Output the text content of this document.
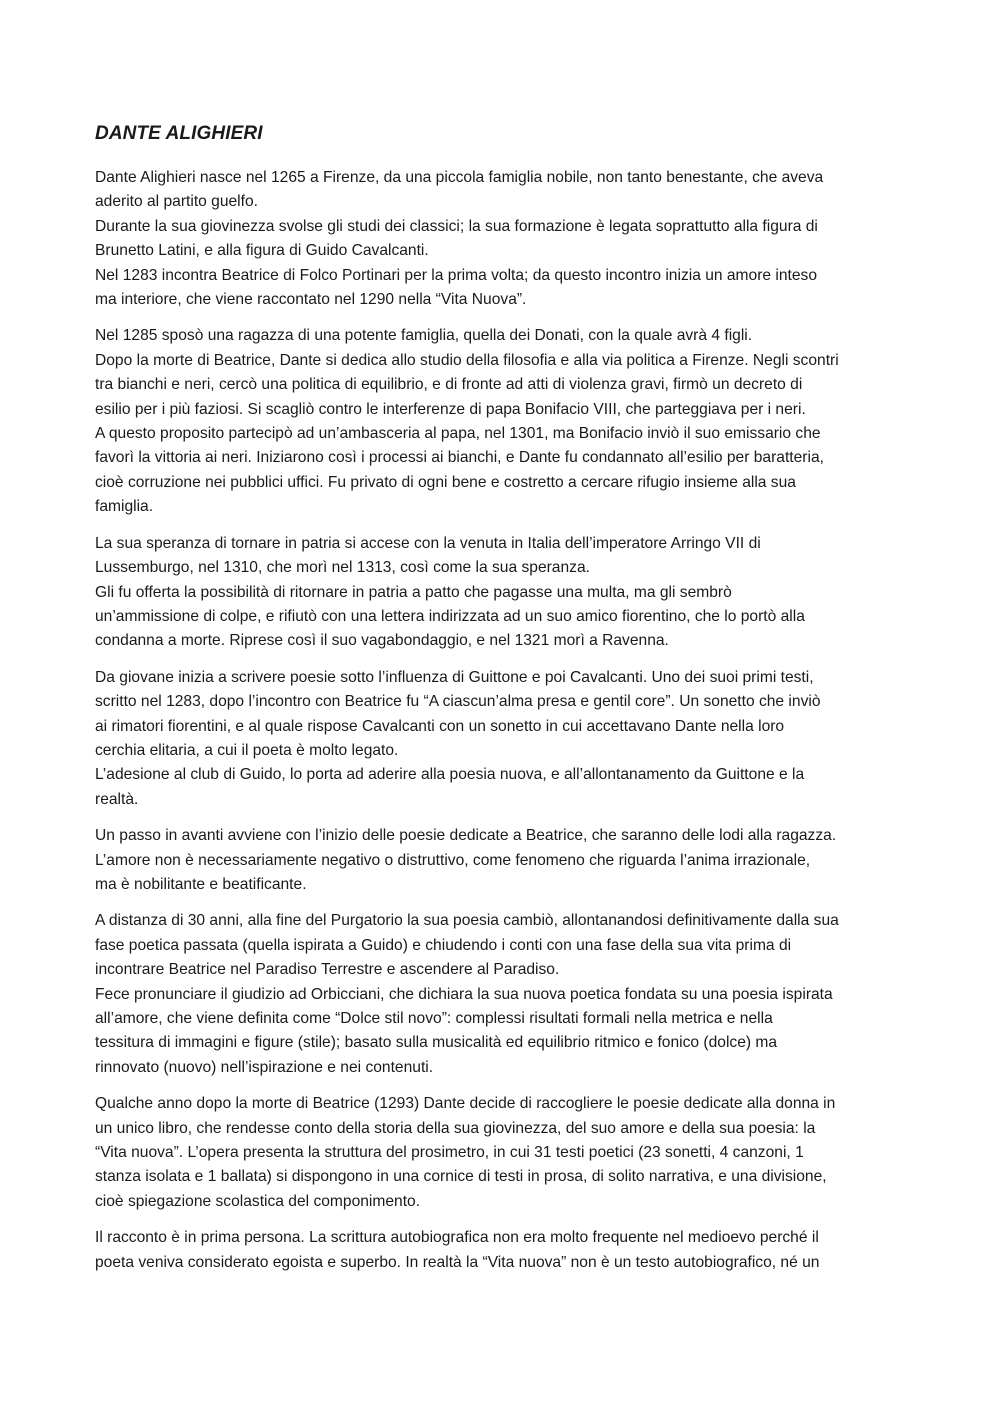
DANTE ALIGHIERI
Dante Alighieri nasce nel 1265 a Firenze, da una piccola famiglia nobile, non tanto benestante, che aveva
aderito al partito guelfo.
Durante la sua giovinezza svolse gli studi dei classici; la sua formazione è legata soprattutto alla figura di
Brunetto Latini, e alla figura di Guido Cavalcanti.
Nel 1283 incontra Beatrice di Folco Portinari per la prima volta; da questo incontro inizia un amore inteso
ma interiore, che viene raccontato nel 1290 nella “Vita Nuova”.
Nel 1285 sposò una ragazza di una potente famiglia, quella dei Donati, con la quale avrà 4 figli.
Dopo la morte di Beatrice, Dante si dedica allo studio della filosofia e alla via politica a Firenze. Negli scontri
tra bianchi e neri, cercò una politica di equilibrio, e di fronte ad atti di violenza gravi, firmò un decreto di
esilio per i più faziosi. Si scagliò contro le interferenze di papa Bonifacio VIII, che parteggiava per i neri.
A questo proposito partecipò ad un’ambasceria al papa, nel 1301, ma Bonifacio inviò il suo emissario che
favorì la vittoria ai neri. Iniziarono così i processi ai bianchi, e Dante fu condannato all’esilio per baratteria,
cioè corruzione nei pubblici uffici. Fu privato di ogni bene e costretto a cercare rifugio insieme alla sua
famiglia.
La sua speranza di tornare in patria si accese con la venuta in Italia dell’imperatore Arringo VII di
Lussemburgo, nel 1310, che morì nel 1313, così come la sua speranza.
Gli fu offerta la possibilità di ritornare in patria a patto che pagasse una multa, ma gli sembrò
un’ammissione di colpe, e rifiutò con una lettera indirizzata ad un suo amico fiorentino, che lo portò alla
condanna a morte. Riprese così il suo vagabondaggio, e nel 1321 morì a Ravenna.
Da giovane inizia a scrivere poesie sotto l’influenza di Guittone e poi Cavalcanti. Uno dei suoi primi testi,
scritto nel 1283, dopo l’incontro con Beatrice fu “A ciascun’alma presa e gentil core”. Un sonetto che inviò
ai rimatori fiorentini, e al quale rispose Cavalcanti con un sonetto in cui accettavano Dante nella loro
cerchia elitaria, a cui il poeta è molto legato.
L’adesione al club di Guido, lo porta ad aderire alla poesia nuova, e all’allontanamento da Guittone e la
realtà.
Un passo in avanti avviene con l’inizio delle poesie dedicate a Beatrice, che saranno delle lodi alla ragazza.
L’amore non è necessariamente negativo o distruttivo, come fenomeno che riguarda l’anima irrazionale,
ma è nobilitante e beatificante.
A distanza di 30 anni, alla fine del Purgatorio la sua poesia cambiò, allontanandosi definitivamente dalla sua
fase poetica passata (quella ispirata a Guido) e chiudendo i conti con una fase della sua vita prima di
incontrare Beatrice nel Paradiso Terrestre e ascendere al Paradiso.
Fece pronunciare il giudizio ad Orbicciani, che dichiara la sua nuova poetica fondata su una poesia ispirata
all’amore, che viene definita come “Dolce stil novo”: complessi risultati formali nella metrica e nella
tessitura di immagini e figure (stile); basato sulla musicalità ed equilibrio ritmico e fonico (dolce) ma
rinnovato (nuovo) nell’ispirazione e nei contenuti.
Qualche anno dopo la morte di Beatrice (1293) Dante decide di raccogliere le poesie dedicate alla donna in
un unico libro, che rendesse conto della storia della sua giovinezza, del suo amore e della sua poesia: la
“Vita nuova”. L’opera presenta la struttura del prosimetro, in cui 31 testi poetici (23 sonetti, 4 canzoni, 1
stanza isolata e 1 ballata) si dispongono in una cornice di testi in prosa, di solito narrativa, e una divisione,
cioè spiegazione scolastica del componimento.
Il racconto è in prima persona. La scrittura autobiografica non era molto frequente nel medioevo perché il
poeta veniva considerato egoista e superbo. In realtà la “Vita nuova” non è un testo autobiografico, né un
